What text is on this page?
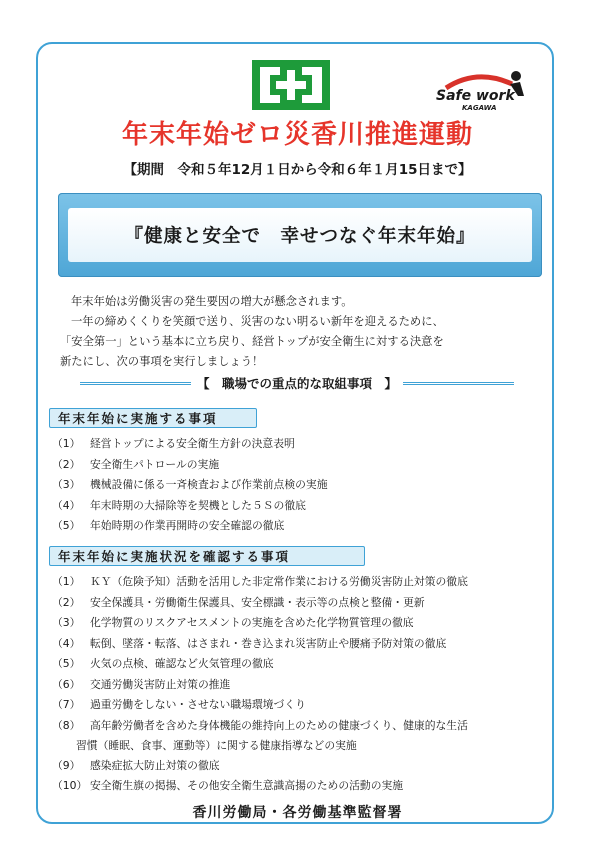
Safe work
KAGAWA
年末年始ゼロ災香川推進運動
【期間　令和５年12月１日から令和６年１月15日まで】
『健康と安全で　幸せつなぐ年末年始』

年末年始は労働災害の発生要因の増大が懸念されます。

一年の締めくくりを笑顔で送り、災害のない明るい新年を迎えるために、

「安全第一」という基本に立ち戻り、経営トップが安全衛生に対する決意を

新たにし、次の事項を実行しましょう！

【　職場での重点的な取組事項　】
年末年始に実施する事項
（1） 経営トップによる安全衛生方針の決意表明
（2） 安全衛生パトロールの実施
（3） 機械設備に係る一斉検査および作業前点検の実施
（4） 年末時期の大掃除等を契機とした５Ｓの徹底
（5） 年始時期の作業再開時の安全確認の徹底
年末年始に実施状況を確認する事項
（1） ＫＹ（危険予知）活動を活用した非定常作業における労働災害防止対策の徹底
（2） 安全保護具・労働衛生保護具、安全標識・表示等の点検と整備・更新
（3） 化学物質のリスクアセスメントの実施を含めた化学物質管理の徹底
（4） 転倒、墜落・転落、はさまれ・巻き込まれ災害防止や腰痛予防対策の徹底
（5） 火気の点検、確認など火気管理の徹底
（6） 交通労働災害防止対策の推進
（7） 過重労働をしない・させない職場環境づくり
（8） 高年齢労働者を含めた身体機能の維持向上のための健康づくり、健康的な生活
習慣（睡眠、食事、運動等）に関する健康指導などの実施
（9） 感染症拡大防止対策の徹底
（10） 安全衛生旗の掲揚、その他安全衛生意識高揚のための活動の実施
香川労働局・各労働基準監督署
